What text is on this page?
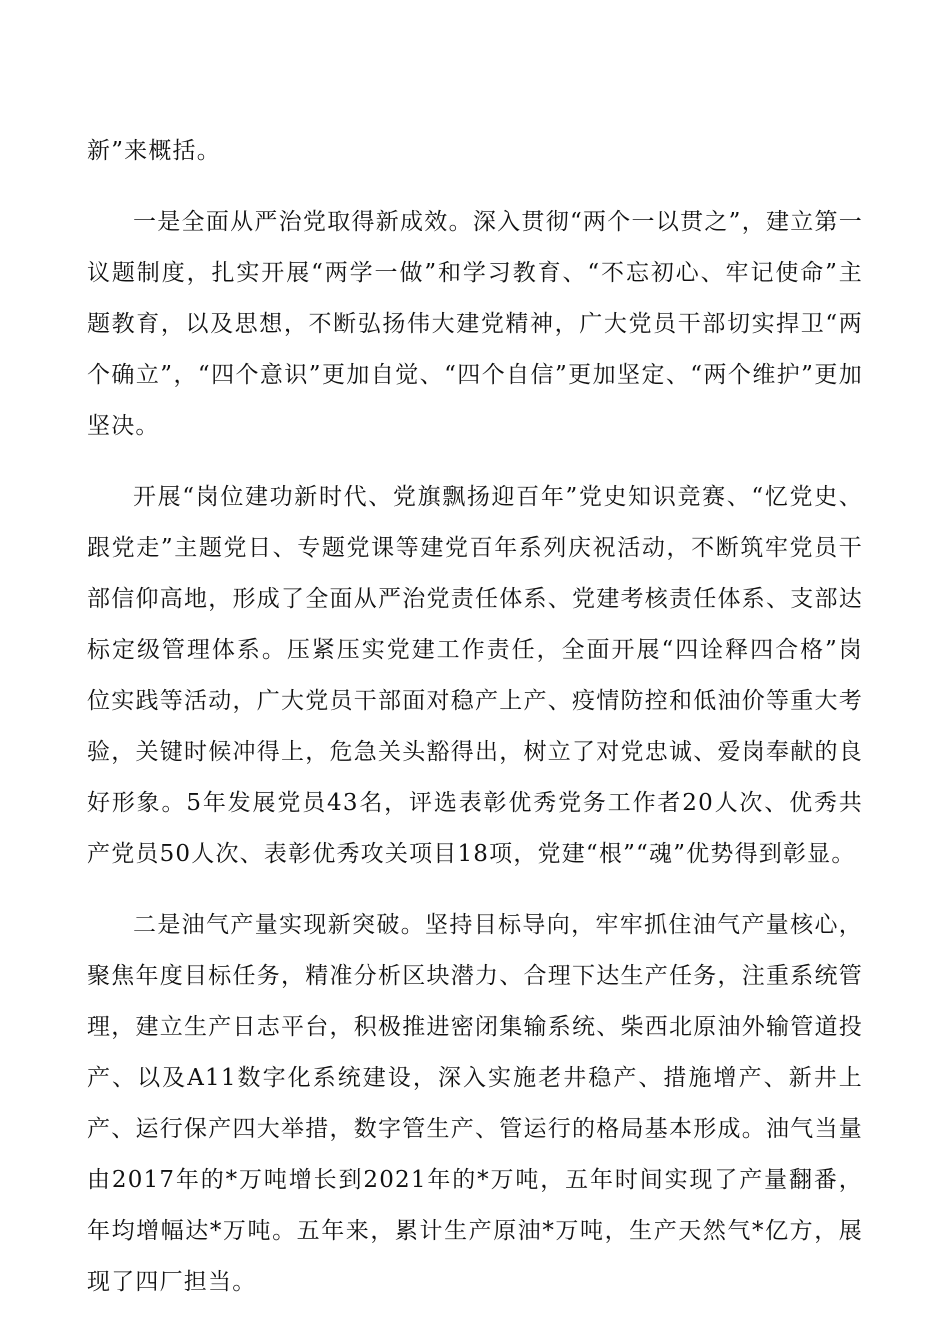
新”来概括。

一是全面从严治党取得新成效。深入贯彻“两个一以贯之”，建立第一议题制度，扎实开展“两学一做”和学习教育、“不忘初心、牢记使命”主题教育，以及思想，不断弘扬伟大建党精神，广大党员干部切实捍卫“两个确立”，“四个意识”更加自觉、“四个自信”更加坚定、“两个维护”更加坚决。

开展“岗位建功新时代、党旗飘扬迎百年”党史知识竞赛、“忆党史、跟党走”主题党日、专题党课等建党百年系列庆祝活动，不断筑牢党员干部信仰高地，形成了全面从严治党责任体系、党建考核责任体系、支部达标定级管理体系。压紧压实党建工作责任，全面开展“四诠释四合格”岗位实践等活动，广大党员干部面对稳产上产、疫情防控和低油价等重大考验，关键时候冲得上，危急关头豁得出，树立了对党忠诚、爱岗奉献的良好形象。5年发展党员43名，评选表彰优秀党务工作者20人次、优秀共产党员50人次、表彰优秀攻关项目18项，党建“根”“魂”优势得到彰显。

二是油气产量实现新突破。坚持目标导向，牢牢抓住油气产量核心，聚焦年度目标任务，精准分析区块潜力、合理下达生产任务，注重系统管理，建立生产日志平台，积极推进密闭集输系统、柴西北原油外输管道投产、以及A11数字化系统建设，深入实施老井稳产、措施增产、新井上产、运行保产四大举措，数字管生产、管运行的格局基本形成。油气当量由2017年的*万吨增长到2021年的*万吨，五年时间实现了产量翻番，年均增幅达*万吨。五年来，累计生产原油*万吨，生产天然气*亿方，展现了四厂担当。
